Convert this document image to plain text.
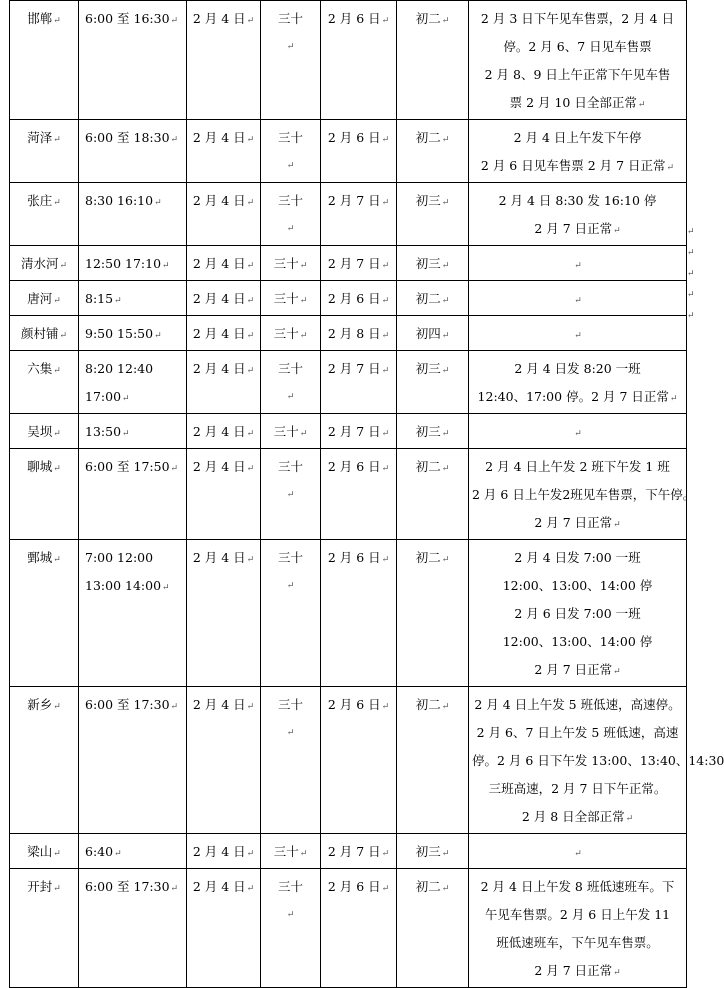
邯郸↵	6:00 至 16:30↵	2 月 4 日↵	三十
↵	2 月 6 日↵	初二↵	2 月 3 日下午见车售票，2 月 4 日
停。2 月 6、7 日见车售票
2 月 8、9 日上午正常下午见车售
票 2 月 10 日全部正常↵

菏泽↵	6:00 至 18:30↵	2 月 4 日↵	三十
↵	2 月 6 日↵	初二↵	2 月 4 日上午发下午停
2 月 6 日见车售票 2 月 7 日正常↵

张庄↵	8:30 16:10↵	2 月 4 日↵	三十
↵	2 月 7 日↵	初三↵	2 月 4 日 8:30 发 16:10 停
2 月 7 日正常↵

清水河↵	12:50 17:10↵	2 月 4 日↵	三十↵	2 月 7 日↵	初三↵	↵
唐河↵	8:15↵	2 月 4 日↵	三十↵	2 月 6 日↵	初二↵	↵
颜村铺↵	9:50 15:50↵	2 月 4 日↵	三十↵	2 月 8 日↵	初四↵	↵
六集↵	8:20 12:40
17:00↵	2 月 4 日↵	三十
↵	2 月 7 日↵	初三↵	2 月 4 日发 8:20 一班
12:40、17:00 停。2 月 7 日正常↵

吴坝↵	13:50↵	2 月 4 日↵	三十↵	2 月 7 日↵	初三↵	↵
聊城↵	6:00 至 17:50↵	2 月 4 日↵	三十
↵	2 月 6 日↵	初二↵	2 月 4 日上午发 2 班下午发 1 班
2 月 6 日上午发2班见车售票，下午停。
2 月 7 日正常↵

鄄城↵	7:00 12:00
13:00 14:00↵	2 月 4 日↵	三十
↵	2 月 6 日↵	初二↵	2 月 4 日发 7:00 一班
12:00、13:00、14:00 停
2 月 6 日发 7:00 一班
12:00、13:00、14:00 停
2 月 7 日正常↵

新乡↵	6:00 至 17:30↵	2 月 4 日↵	三十
↵	2 月 6 日↵	初二↵	2 月 4 日上午发 5 班低速，高速停。
2 月 6、7 日上午发 5 班低速，高速
停。2 月 6 日下午发 13:00、13:40、14:30
三班高速，2 月 7 日下午正常。
2 月 8 日全部正常↵

梁山↵	6:40↵	2 月 4 日↵	三十↵	2 月 7 日↵	初三↵	↵
开封↵	6:00 至 17:30↵	2 月 4 日↵	三十
↵	2 月 6 日↵	初二↵	2 月 4 日上午发 8 班低速班车。下
午见车售票。2 月 6 日上午发 11
班低速班车，下午见车售票。
2 月 7 日正常↵
↵
↵
↵
↵
↵
